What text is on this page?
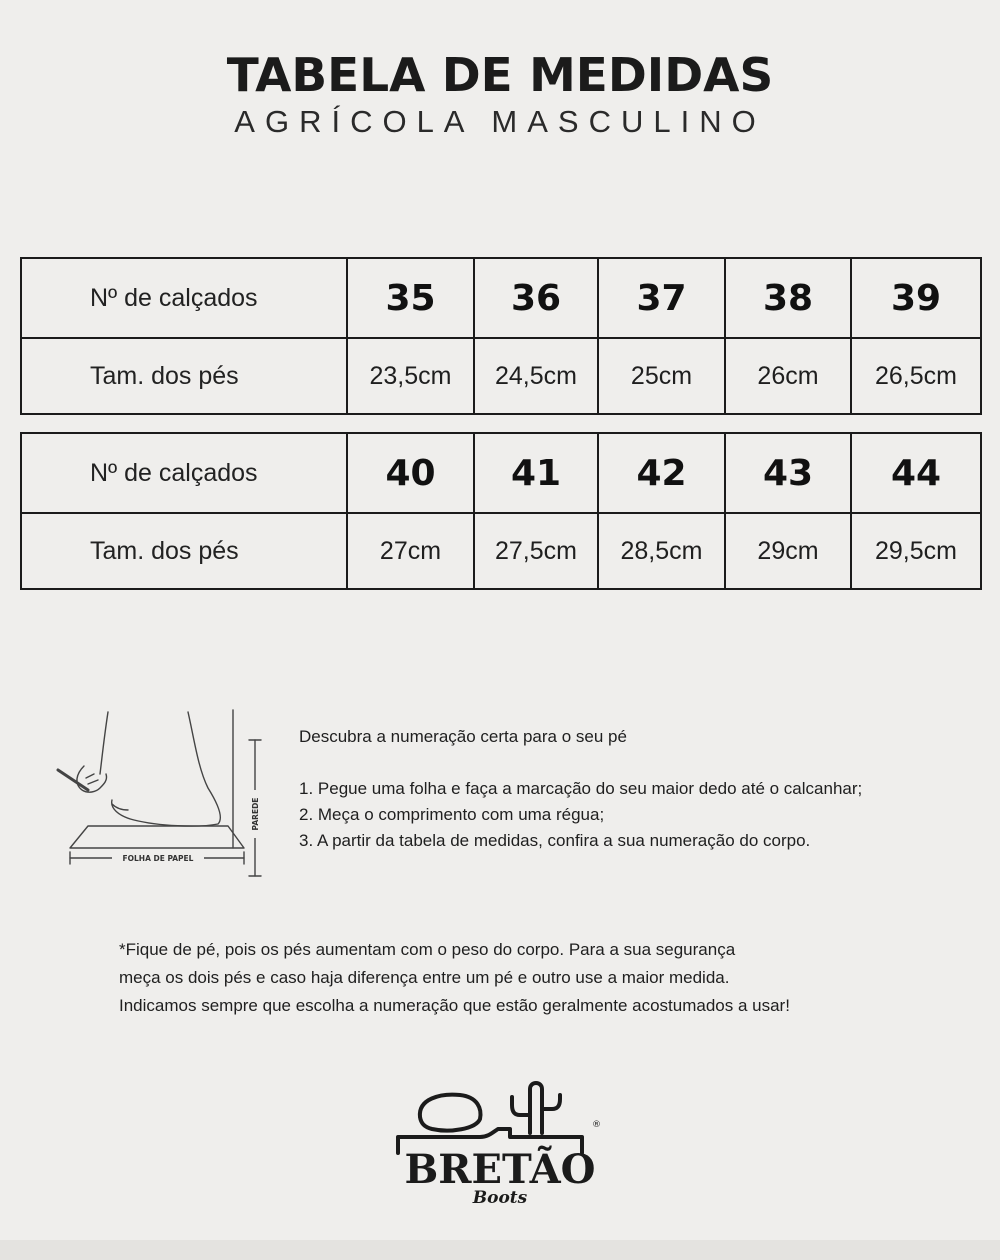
TABELA DE MEDIDAS
AGRÍCOLA MASCULINO
Nº de calçados	35	36	37	38	39
Tam. dos pés	23,5cm	24,5cm	25cm	26cm	26,5cm
Nº de calçados	40	41	42	43	44
Tam. dos pés	27cm	27,5cm	28,5cm	29cm	29,5cm
FOLHA DE PAPEL
PAREDE
Descubra a numeração certa para o seu pé
1. Pegue uma folha e faça a marcação do seu maior dedo até o calcanhar;
2. Meça o comprimento com uma régua;
3. A partir da tabela de medidas, confira a sua numeração do corpo.
*Fique de pé, pois os pés aumentam com o peso do corpo. Para a sua segurança
meça os dois pés e caso haja diferença entre um pé e outro use a maior medida.
Indicamos sempre que escolha a numeração que estão geralmente acostumados a usar!
®
BRETÃO
Boots
